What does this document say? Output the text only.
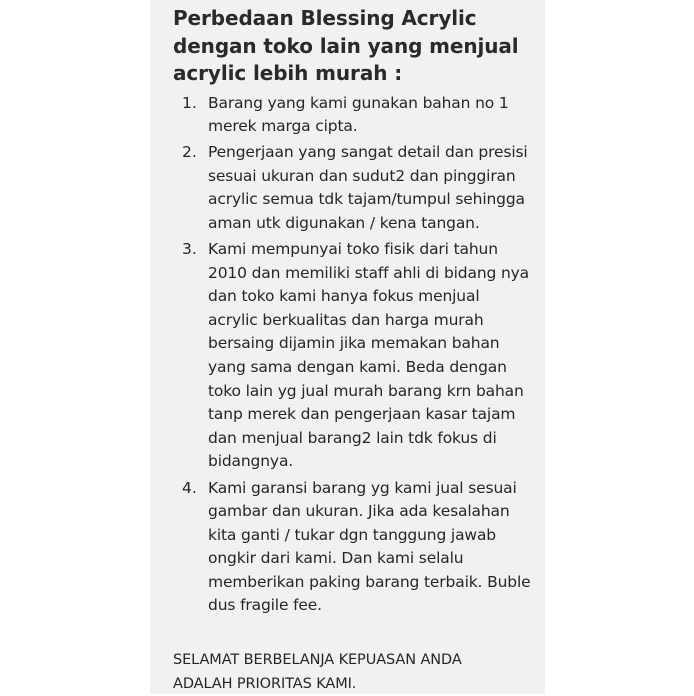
Perbedaan Blessing Acrylic
dengan toko lain yang menjual
acrylic lebih murah :
1. Barang yang kami gunakan bahan no 1
merek marga cipta.
2. Pengerjaan yang sangat detail dan presisi
sesuai ukuran dan sudut2 dan pinggiran
acrylic semua tdk tajam/tumpul sehingga
aman utk digunakan / kena tangan.
3. Kami mempunyai toko fisik dari tahun
2010 dan memiliki staff ahli di bidang nya
dan toko kami hanya fokus menjual
acrylic berkualitas dan harga murah
bersaing dijamin jika memakan bahan
yang sama dengan kami. Beda dengan
toko lain yg jual murah barang krn bahan
tanp merek dan pengerjaan kasar tajam
dan menjual barang2 lain tdk fokus di
bidangnya.
4. Kami garansi barang yg kami jual sesuai
gambar dan ukuran. Jika ada kesalahan
kita ganti / tukar dgn tanggung jawab
ongkir dari kami. Dan kami selalu
memberikan paking barang terbaik. Buble
dus fragile fee.

SELAMAT BERBELANJA KEPUASAN ANDA
ADALAH PRIORITAS KAMI.
